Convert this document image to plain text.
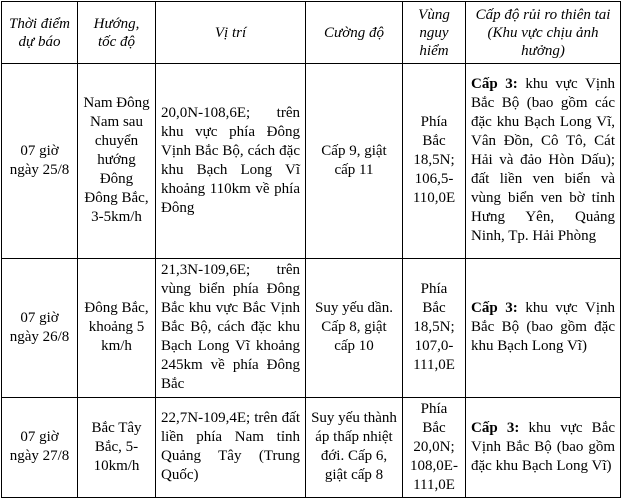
Thời điểm dự báo	Hướng, tốc độ	Vị trí	Cường độ	Vùng nguy hiểm	Cấp độ rủi ro thiên tai (Khu vực chịu ảnh hưởng)
07 giờ ngày 25/8	Nam Đông Nam sau chuyển hướng Đông Đông Bắc, 3-5km/h	20,0N-108,6E; trên khu vực phía Đông Vịnh Bắc Bộ, cách đặc khu Bạch Long Vĩ khoảng 110km về phía Đông	Cấp 9, giật cấp 11	Phía Bắc 18,5N; 106,5-110,0E	Cấp 3: khu vực Vịnh Bắc Bộ (bao gồm các đặc khu Bạch Long Vĩ, Vân Đồn, Cô Tô, Cát Hải và đảo Hòn Dấu); đất liền ven biển và vùng biển ven bờ tỉnh Hưng Yên, Quảng Ninh, Tp. Hải Phòng
07 giờ ngày 26/8	Đông Bắc, khoảng 5 km/h	21,3N-109,6E; trên vùng biển phía Đông Bắc khu vực Bắc Vịnh Bắc Bộ, cách đặc khu Bạch Long Vĩ khoảng 245km về phía Đông Bắc	Suy yếu dần. Cấp 8, giật cấp 10	Phía Bắc 18,5N; 107,0-111,0E	Cấp 3: khu vực Vịnh Bắc Bộ (bao gồm đặc khu Bạch Long Vĩ)
07 giờ ngày 27/8	Bắc Tây Bắc, 5-10km/h	22,7N-109,4E; trên đất liền phía Nam tỉnh Quảng Tây (Trung Quốc)	Suy yếu thành áp thấp nhiệt đới. Cấp 6, giật cấp 8	Phía Bắc 20,0N; 108,0E-111,0E	Cấp 3: khu vực Bắc Vịnh Bắc Bộ (bao gồm đặc khu Bạch Long Vĩ)
